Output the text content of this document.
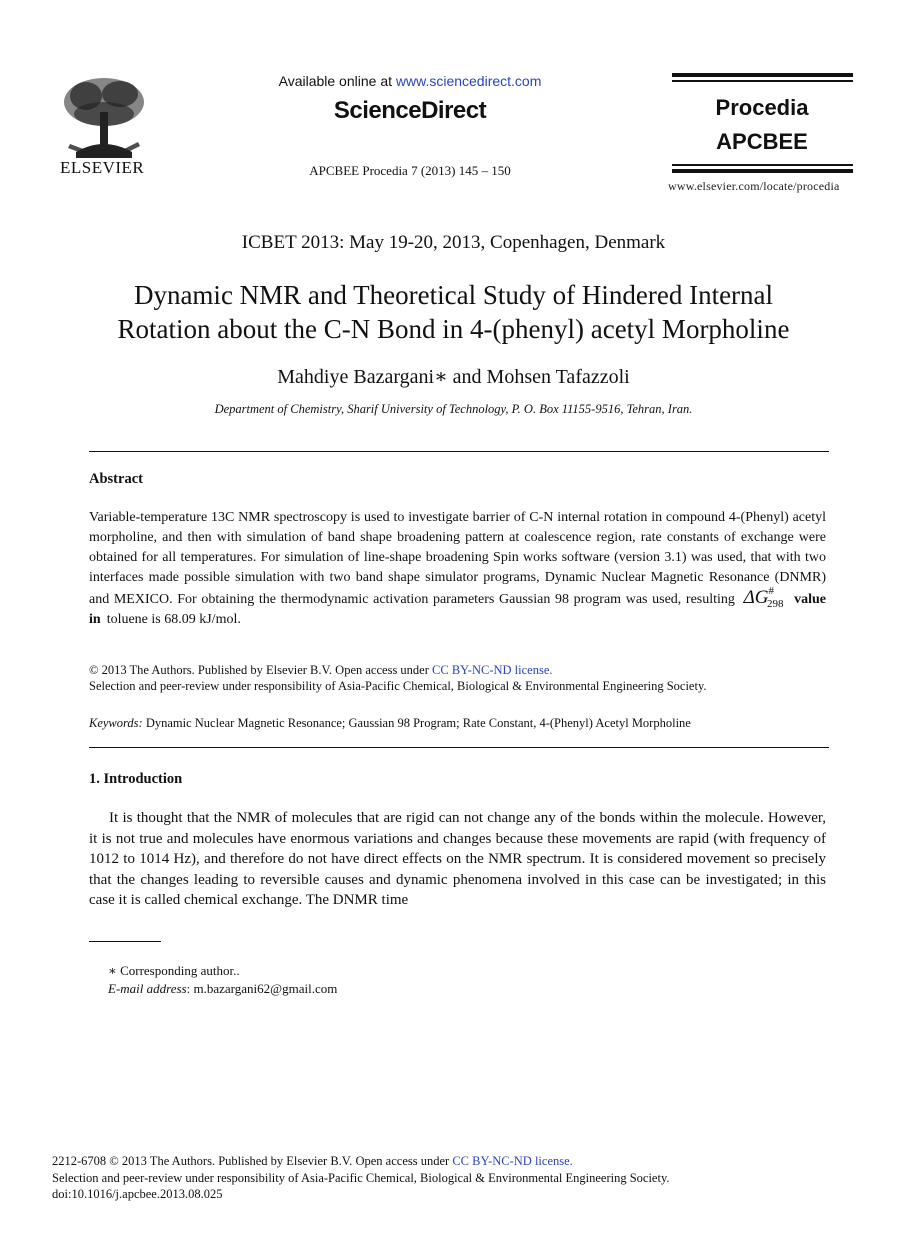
ELSEVIER
Available online at www.sciencedirect.com
ScienceDirect
APCBEE Procedia 7 (2013) 145 – 150
Procedia
APCBEE
www.elsevier.com/locate/procedia
ICBET 2013: May 19-20, 2013, Copenhagen, Denmark
Dynamic NMR and Theoretical Study of Hindered Internal
Rotation about the C-N Bond in 4-(phenyl) acetyl Morpholine
Mahdiye Bazargani∗ and Mohsen Tafazzoli
Department of Chemistry, Sharif University of Technology, P. O. Box 11155-9516, Tehran, Iran.
Abstract

Variable-temperature 13C NMR spectroscopy is used to investigate barrier of C-N internal rotation in compound 4-(Phenyl) acetyl morpholine, and then with simulation of band shape broadening pattern at coalescence region, rate constants of exchange were obtained for all temperatures. For simulation of line-shape broadening Spin works software (version 3.1) was used, that with two interfaces made possible simulation with two band shape simulator programs, Dynamic Nuclear Magnetic Resonance (DNMR) and MEXICO. For obtaining the thermodynamic activation parameters Gaussian 98 program was used, resulting $\Delta G^{\#}_{298}$ value in toluene is 68.09 kJ/mol.

© 2013 The Authors. Published by Elsevier B.V. Open access under CC BY-NC-ND license.
Selection and peer-review under responsibility of Asia-Pacific Chemical, Biological & Environmental Engineering Society.
Keywords: Dynamic Nuclear Magnetic Resonance; Gaussian 98 Program; Rate Constant, 4-(Phenyl) Acetyl Morpholine
1. Introduction
It is thought that the NMR of molecules that are rigid can not change any of the bonds within the molecule. However, it is not true and molecules have enormous variations and changes because these movements are rapid (with frequency of 1012 to 1014 Hz), and therefore do not have direct effects on the NMR spectrum. It is considered movement so precisely that the changes leading to reversible causes and dynamic phenomena involved in this case can be investigated; in this case it is called chemical exchange. The DNMR time
∗ Corresponding author..
E-mail address: m.bazargani62@gmail.com
2212-6708 © 2013 The Authors. Published by Elsevier B.V. Open access under CC BY-NC-ND license.
Selection and peer-review under responsibility of Asia-Pacific Chemical, Biological & Environmental Engineering Society.
doi:10.1016/j.apcbee.2013.08.025
